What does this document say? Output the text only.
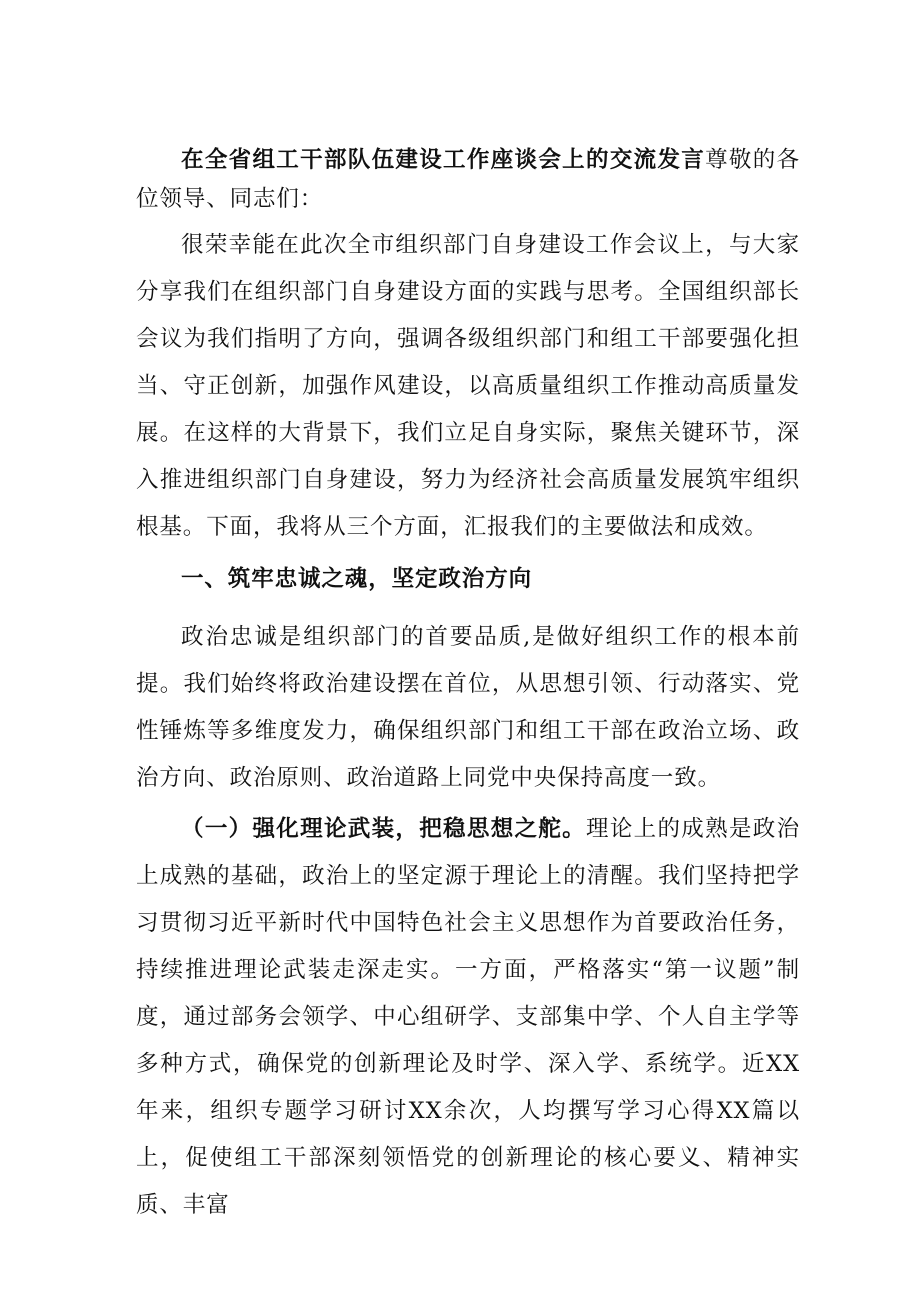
在全省组工干部队伍建设工作座谈会上的交流发言尊敬的各位领导、同志们：

很荣幸能在此次全市组织部门自身建设工作会议上，与大家分享我们在组织部门自身建设方面的实践与思考。全国组织部长会议为我们指明了方向，强调各级组织部门和组工干部要强化担当、守正创新，加强作风建设，以高质量组织工作推动高质量发展。在这样的大背景下，我们立足自身实际，聚焦关键环节，深入推进组织部门自身建设，努力为经济社会高质量发展筑牢组织根基。下面，我将从三个方面，汇报我们的主要做法和成效。

一、筑牢忠诚之魂，坚定政治方向

政治忠诚是组织部门的首要品质,是做好组织工作的根本前提。我们始终将政治建设摆在首位，从思想引领、行动落实、党性锤炼等多维度发力，确保组织部门和组工干部在政治立场、政治方向、政治原则、政治道路上同党中央保持高度一致。

（一）强化理论武装，把稳思想之舵。理论上的成熟是政治上成熟的基础，政治上的坚定源于理论上的清醒。我们坚持把学习贯彻习近平新时代中国特色社会主义思想作为首要政治任务，持续推进理论武装走深走实。一方面，严格落实“第一议题”制度，通过部务会领学、中心组研学、支部集中学、个人自主学等多种方式，确保党的创新理论及时学、深入学、系统学。近XX年来，组织专题学习研讨XX余次，人均撰写学习心得XX篇以上，促使组工干部深刻领悟党的创新理论的核心要义、精神实质、丰富
